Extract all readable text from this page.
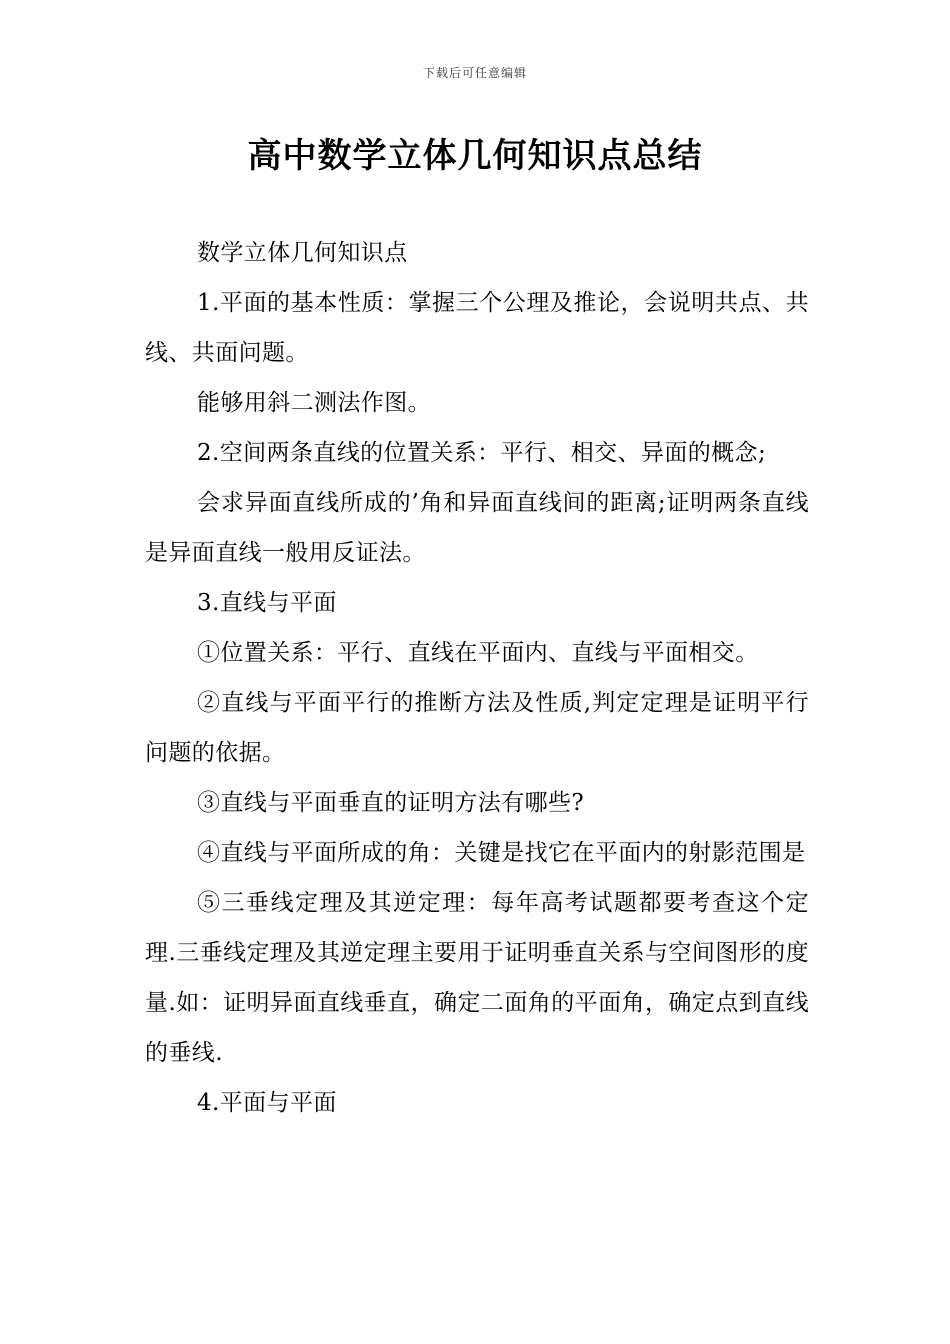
下载后可任意编辑
高中数学立体几何知识点总结

数学立体几何知识点

1.平面的基本性质：掌握三个公理及推论，会说明共点、共线、共面问题。

能够用斜二测法作图。

2.空间两条直线的位置关系：平行、相交、异面的概念;

会求异面直线所成的’角和异面直线间的距离;证明两条直线是异面直线一般用反证法。

3.直线与平面

①位置关系：平行、直线在平面内、直线与平面相交。

②直线与平面平行的推断方法及性质,判定定理是证明平行问题的依据。

③直线与平面垂直的证明方法有哪些?

④直线与平面所成的角：关键是找它在平面内的射影范围是

⑤三垂线定理及其逆定理：每年高考试题都要考查这个定理.三垂线定理及其逆定理主要用于证明垂直关系与空间图形的度量.如：证明异面直线垂直，确定二面角的平面角，确定点到直线的垂线.

4.平面与平面
